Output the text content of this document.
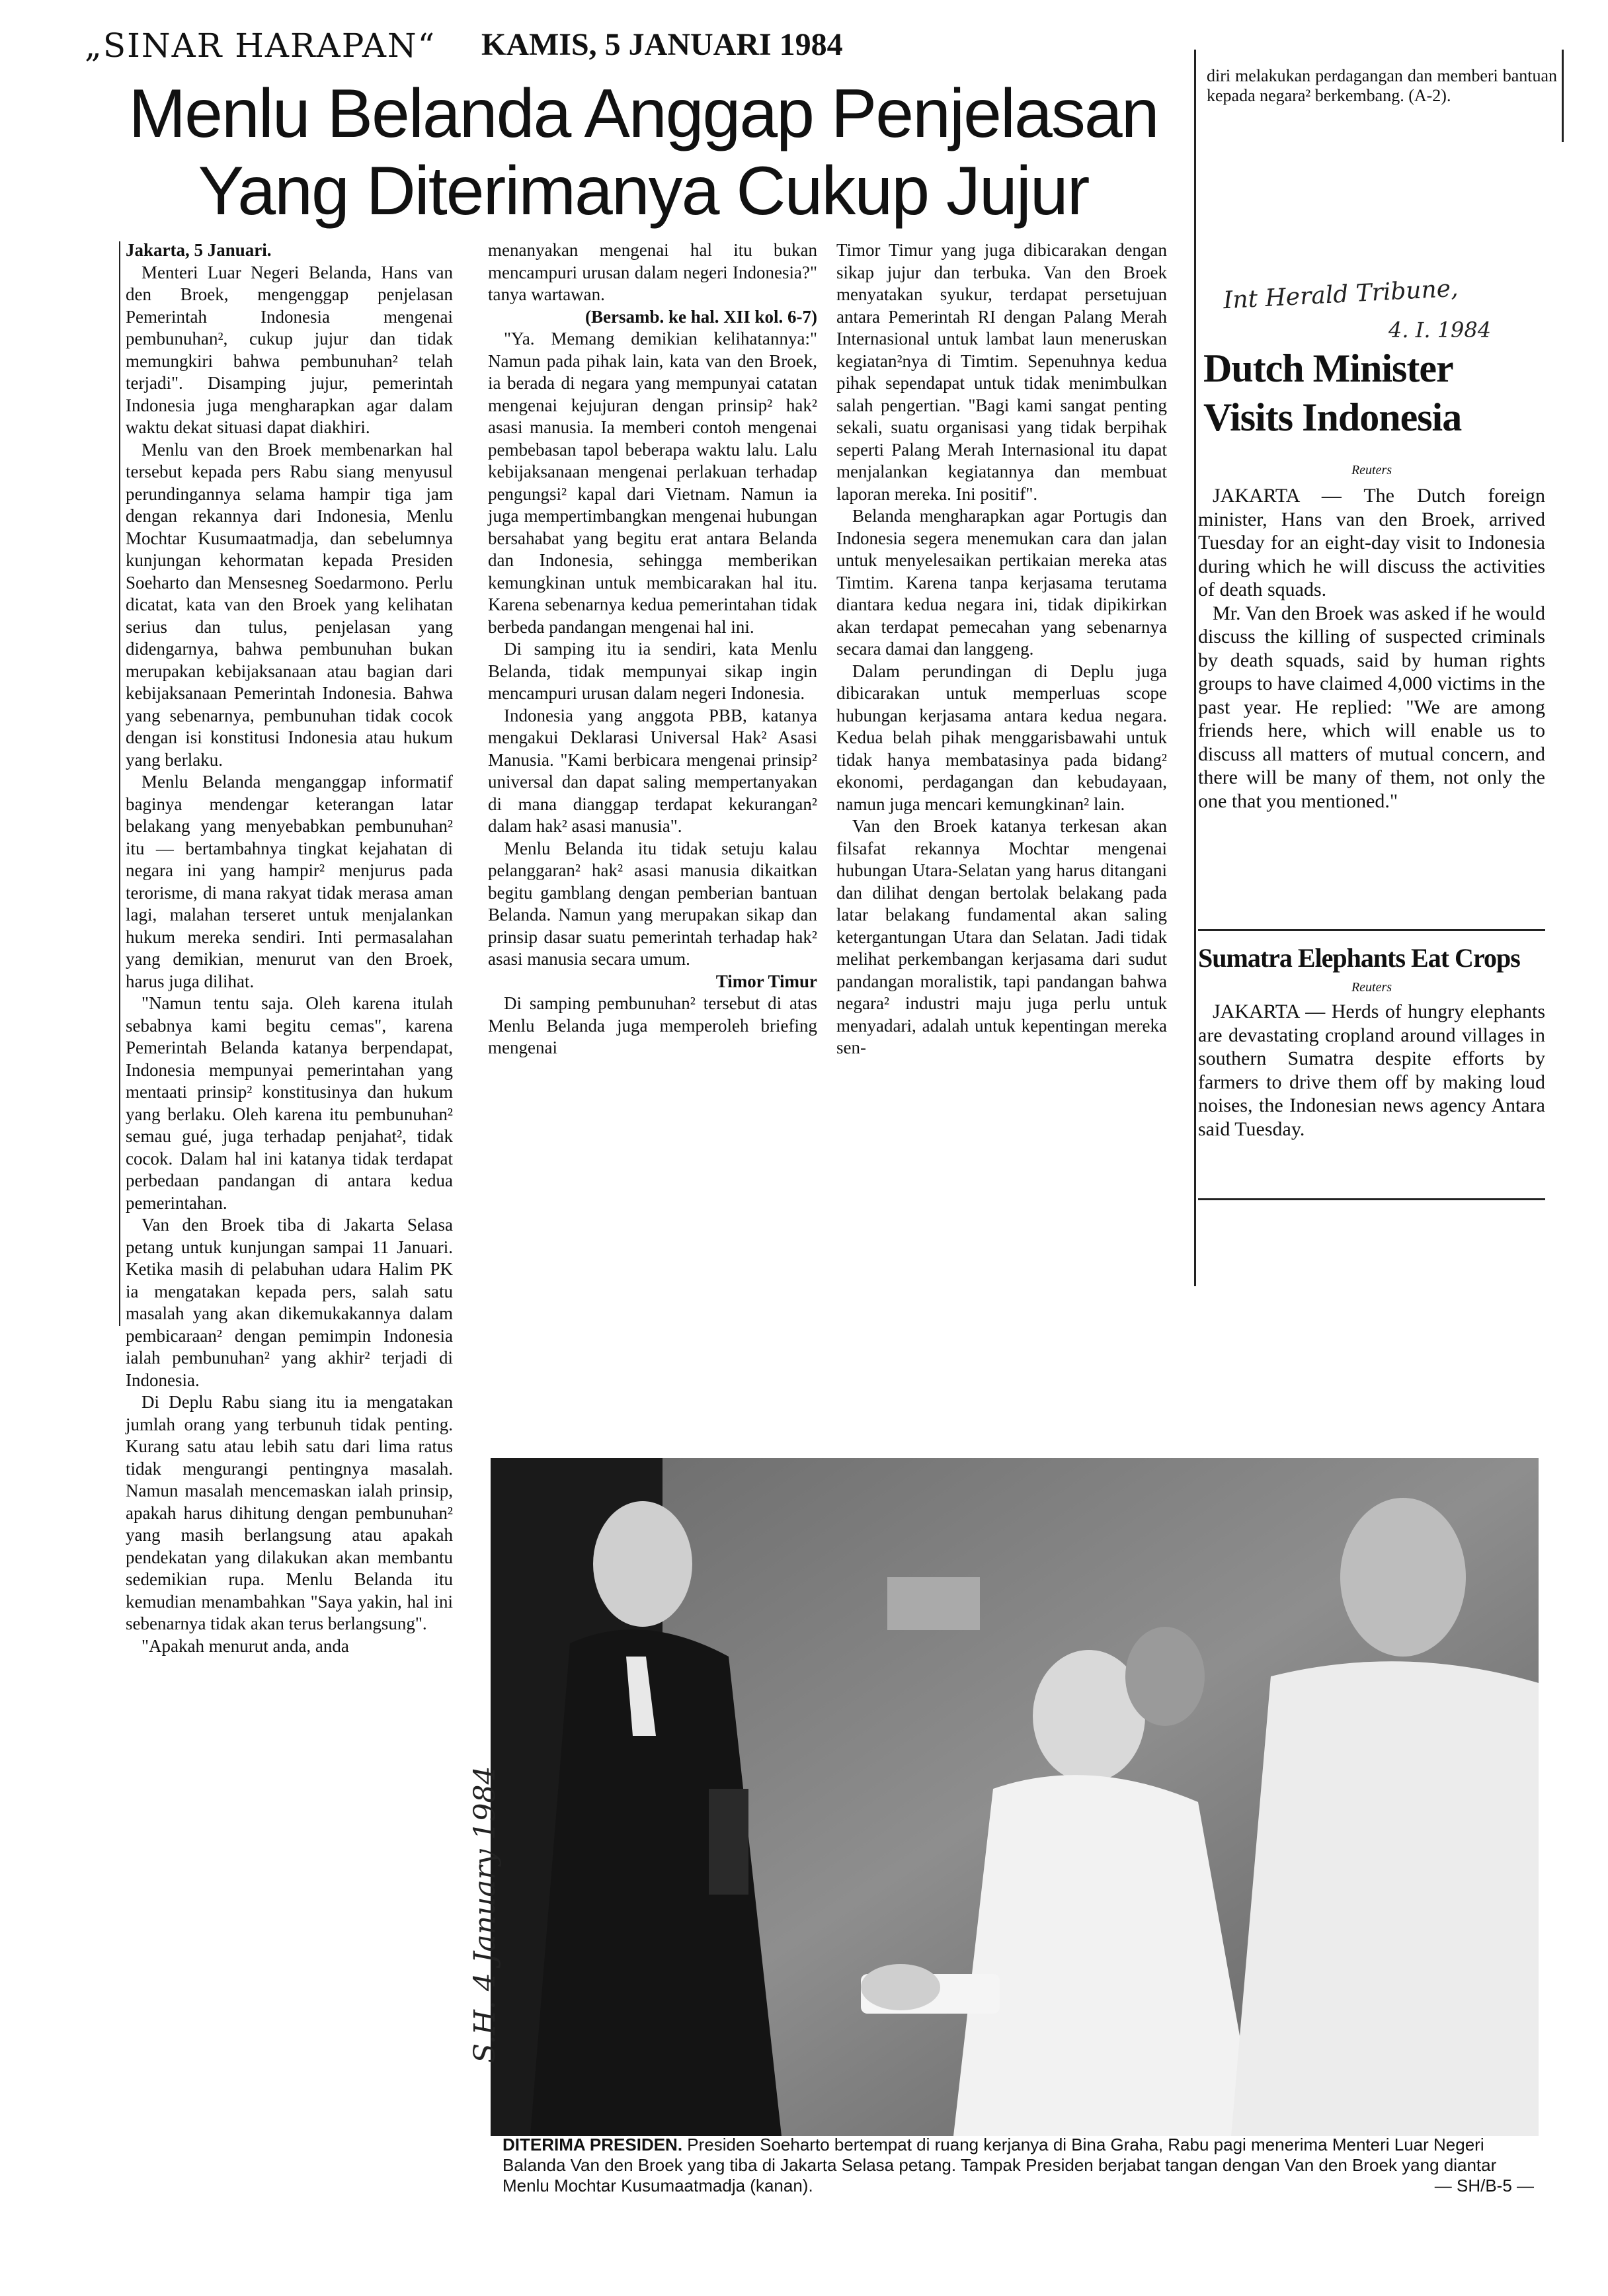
„SINAR HARAPAN“ KAMIS, 5 JANUARI 1984
Menlu Belanda Anggap Penjelasan
Yang Diterimanya Cukup Jujur
diri melakukan perdagangan dan memberi bantuan kepada negara² berkembang. (A-2).

Jakarta, 5 Januari.

Menteri Luar Negeri Belanda, Hans van den Broek, mengenggap penjelasan Pemerintah Indonesia mengenai pembunuhan², cukup jujur dan tidak memungkiri bahwa pembunuhan² telah terjadi". Disamping jujur, pemerintah Indonesia juga mengharapkan agar dalam waktu dekat situasi dapat diakhiri.

Menlu van den Broek membenarkan hal tersebut kepada pers Rabu siang menyusul perundingannya selama hampir tiga jam dengan rekannya dari Indonesia, Menlu Mochtar Kusumaatmadja, dan sebelumnya kunjungan kehormatan kepada Presiden Soeharto dan Mensesneg Soedarmono. Perlu dicatat, kata van den Broek yang kelihatan serius dan tulus, penjelasan yang didengarnya, bahwa pembunuhan bukan merupakan kebijaksanaan atau bagian dari kebijaksanaan Pemerintah Indonesia. Bahwa yang sebenarnya, pembunuhan tidak cocok dengan isi konstitusi Indonesia atau hukum yang berlaku.

Menlu Belanda menganggap informatif baginya mendengar keterangan latar belakang yang menyebabkan pembunuhan² itu — bertambahnya tingkat kejahatan di negara ini yang hampir² menjurus pada terorisme, di mana rakyat tidak merasa aman lagi, malahan terseret untuk menjalankan hukum mereka sendiri. Inti permasalahan yang demikian, menurut van den Broek, harus juga dilihat.

"Namun tentu saja. Oleh karena itulah sebabnya kami begitu cemas", karena Pemerintah Belanda katanya berpendapat, Indonesia mempunyai pemerintahan yang mentaati prinsip² konstitusinya dan hukum yang berlaku. Oleh karena itu pembunuhan² semau gué, juga terhadap penjahat², tidak cocok. Dalam hal ini katanya tidak terdapat perbedaan pandangan di antara kedua pemerintahan.

Van den Broek tiba di Jakarta Selasa petang untuk kunjungan sampai 11 Januari. Ketika masih di pelabuhan udara Halim PK ia mengatakan kepada pers, salah satu masalah yang akan dikemukakannya dalam pembicaraan² dengan pemimpin Indonesia ialah pembunuhan² yang akhir² terjadi di Indonesia.

Di Deplu Rabu siang itu ia mengatakan jumlah orang yang terbunuh tidak penting. Kurang satu atau lebih satu dari lima ratus tidak mengurangi pentingnya masalah. Namun masalah mencemaskan ialah prinsip, apakah harus dihitung dengan pembunuhan² yang masih berlangsung atau apakah pendekatan yang dilakukan akan membantu sedemikian rupa. Menlu Belanda itu kemudian menambahkan "Saya yakin, hal ini sebenarnya tidak akan terus berlangsung".

"Apakah menurut anda, anda

menanyakan mengenai hal itu bukan mencampuri urusan dalam negeri Indonesia?" tanya wartawan.

(Bersamb. ke hal. XII kol. 6-7)

"Ya. Memang demikian kelihatannya:" Namun pada pihak lain, kata van den Broek, ia berada di negara yang mempunyai catatan mengenai kejujuran dengan prinsip² hak² asasi manusia. Ia memberi contoh mengenai pembebasan tapol beberapa waktu lalu. Lalu kebijaksanaan mengenai perlakuan terhadap pengungsi² kapal dari Vietnam. Namun ia juga mempertimbangkan mengenai hubungan bersahabat yang begitu erat antara Belanda dan Indonesia, sehingga memberikan kemungkinan untuk membicarakan hal itu. Karena sebenarnya kedua pemerintahan tidak berbeda pandangan mengenai hal ini.

Di samping itu ia sendiri, kata Menlu Belanda, tidak mempunyai sikap ingin mencampuri urusan dalam negeri Indonesia.

Indonesia yang anggota PBB, katanya mengakui Deklarasi Universal Hak² Asasi Manusia. "Kami berbicara mengenai prinsip² universal dan dapat saling mempertanyakan di mana dianggap terdapat kekurangan² dalam hak² asasi manusia".

Menlu Belanda itu tidak setuju kalau pelanggaran² hak² asasi manusia dikaitkan begitu gamblang dengan pemberian bantuan Belanda. Namun yang merupakan sikap dan prinsip dasar suatu pemerintah terhadap hak² asasi manusia secara umum.

Timor Timur

Di samping pembunuhan² tersebut di atas Menlu Belanda juga memperoleh briefing mengenai

Timor Timur yang juga dibicarakan dengan sikap jujur dan terbuka. Van den Broek menyatakan syukur, terdapat persetujuan antara Pemerintah RI dengan Palang Merah Internasional untuk lambat laun meneruskan kegiatan²nya di Timtim. Sepenuhnya kedua pihak sependapat untuk tidak menimbulkan salah pengertian. "Bagi kami sangat penting sekali, suatu organisasi yang tidak berpihak seperti Palang Merah Internasional itu dapat menjalankan kegiatannya dan membuat laporan mereka. Ini positif".

Belanda mengharapkan agar Portugis dan Indonesia segera menemukan cara dan jalan untuk menyelesaikan pertikaian mereka atas Timtim. Karena tanpa kerjasama terutama diantara kedua negara ini, tidak dipikirkan akan terdapat pemecahan yang sebenarnya secara damai dan langgeng.

Dalam perundingan di Deplu juga dibicarakan untuk memperluas scope hubungan kerjasama antara kedua negara. Kedua belah pihak menggarisbawahi untuk tidak hanya membatasinya pada bidang² ekonomi, perdagangan dan kebudayaan, namun juga mencari kemungkinan² lain.

Van den Broek katanya terkesan akan filsafat rekannya Mochtar mengenai hubungan Utara-Selatan yang harus ditangani dan dilihat dengan bertolak belakang pada latar belakang fundamental akan saling ketergantungan Utara dan Selatan. Jadi tidak melihat perkembangan kerjasama dari sudut pandangan moralistik, tapi pandangan bahwa negara² industri maju juga perlu untuk menyadari, adalah untuk kepentingan mereka sen-

Int Herald Tribune,
4. I. 1984
Dutch Minister Visits Indonesia
Reuters

JAKARTA — The Dutch foreign minister, Hans van den Broek, arrived Tuesday for an eight-day visit to Indonesia during which he will discuss the activities of death squads.

Mr. Van den Broek was asked if he would discuss the killing of suspected criminals by death squads, said by human rights groups to have claimed 4,000 victims in the past year. He replied: "We are among friends here, which will enable us to discuss all matters of mutual concern, and there will be many of them, not only the one that you mentioned."

Sumatra Elephants Eat Crops
Reuters

JAKARTA — Herds of hungry elephants are devastating cropland around villages in southern Sumatra despite efforts by farmers to drive them off by making loud noises, the Indonesian news agency Antara said Tuesday.

S.H. 4 January 1984
DITERIMA PRESIDEN. Presiden Soeharto bertempat di ruang kerjanya di Bina Graha, Rabu pagi menerima Menteri Luar Negeri Balanda Van den Broek yang tiba di Jakarta Selasa petang. Tampak Presiden berjabat tangan dengan Van den Broek yang diantar Menlu Mochtar Kusumaatmadja (kanan).	— SH/B-5 —
